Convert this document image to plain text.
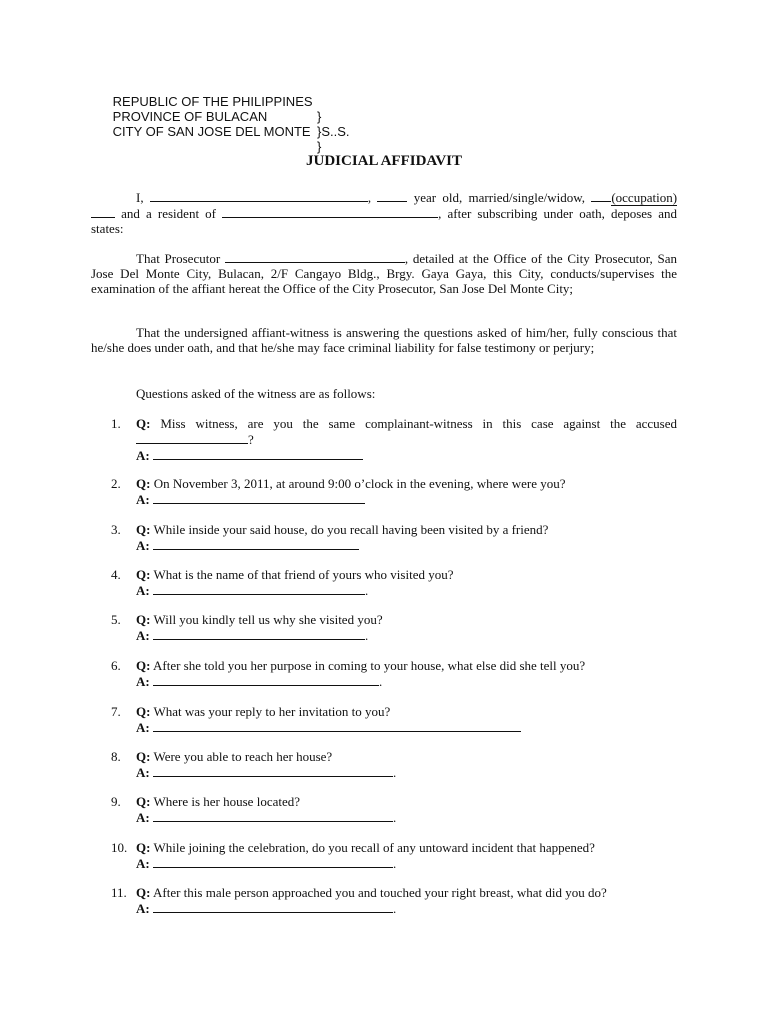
REPUBLIC OF THE PHILIPPINES

}

PROVINCE OF BULACAN

}S..S.

CITY OF SAN JOSE DEL MONTE

}

JUDICIAL AFFIDAVIT
I,	,	year old, married/single/widow, (occupation) and a resident of	, after subscribing under oath, deposes and states:
That Prosecutor	, detailed at the Office of the City Prosecutor, San Jose Del Monte City, Bulacan, 2/F Cangayo Bldg., Brgy. Gaya Gaya, this City, conducts/supervises the examination of the affiant hereat the Office of the City Prosecutor, San Jose Del Monte City;
That the undersigned affiant-witness is answering the questions asked of him/her, fully conscious that he/she does under oath, and that he/she may face criminal liability for false testimony or perjury;
Questions asked of the witness are as follows:
1.	Q: Miss witness, are you the same complainant-witness in this case against the accused ?
A:
2.	Q: On November 3, 2011, at around 9:00 o’clock in the evening, where were you?
A:
3.	Q: While inside your said house, do you recall having been visited by a friend?
A:
4.	Q: What is the name of that friend of yours who visited you?
A:	.
5.	Q: Will you kindly tell us why she visited you?
A:	.
6.	Q: After she told you her purpose in coming to your house, what else did she tell you?
A:	.
7.	Q: What was your reply to her invitation to you?
A:
8.	Q: Were you able to reach her house?
A:	.
9.	Q: Where is her house located?
A:	.
10. Q: While joining the celebration, do you recall of any untoward incident that happened?
A:	.
11. Q: After this male person approached you and touched your right breast, what did you do?
A:	.
